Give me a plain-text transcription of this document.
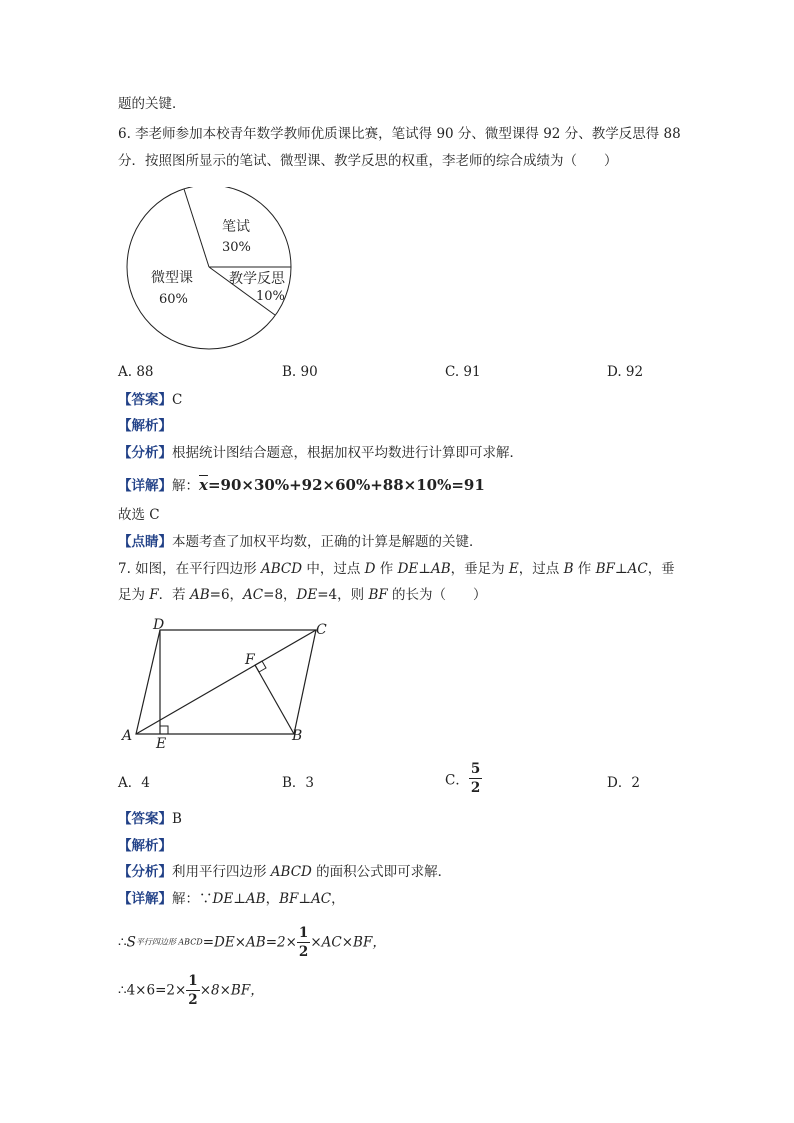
题的关键．
6. 李老师参加本校青年数学教师优质课比赛，笔试得 90 分、微型课得 92 分、教学反思得 88
分．按照图所显示的笔试、微型课、教学反思的权重，李老师的综合成绩为（　　）
笔试
30%
教学反思
10%
微型课
60%
A. 88	B. 90	C. 91	D. 92
【答案】C
【解析】
【分析】根据统计图结合题意，根据加权平均数进行计算即可求解．
【详解】解：$\overline{x}=90\times 30\%+92\times 60\%+88\times 10\%=91$
故选 C
【点睛】本题考查了加权平均数，正确的计算是解题的关键．
7. 如图，在平行四边形 ABCD 中，过点 D 作 DE⊥AB，垂足为 E，过点 B 作 BF⊥AC，垂
足为 F．若 AB=6，AC=8，DE=4，则 BF 的长为（　　）
A	B
C
D
E
F
A．4	B．3	C． $\frac{5}{2}$	D．2
【答案】B
【解析】
【分析】利用平行四边形 ABCD 的面积公式即可求解．
【详解】解：∵DE⊥AB，BF⊥AC，
∴S平行四边形 ABCD=DE×AB=2× $\frac{1}{2} \times AC\times BF$，
∴4×6=2× $\frac{1}{2} \times 8\times BF$，
